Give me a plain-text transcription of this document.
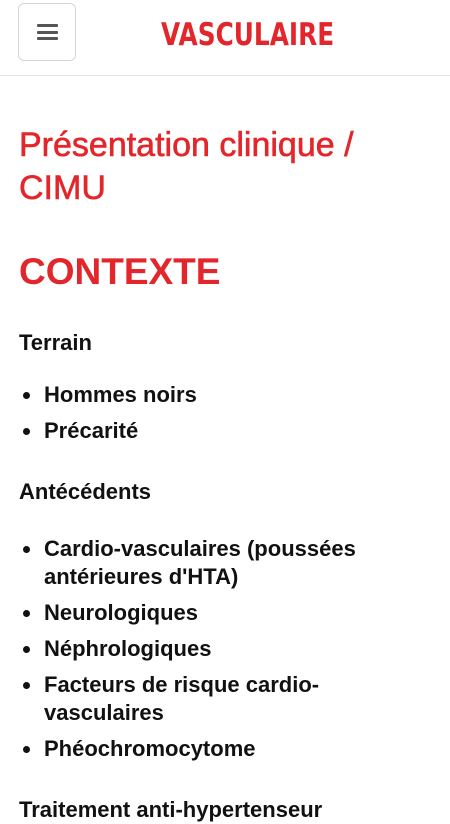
VASCULAIRE
Présentation clinique / CIMU
CONTEXTE
Terrain
Hommes noirs
Précarité
Antécédents
Cardio-vasculaires (poussées antérieures d'HTA)
Neurologiques
Néphrologiques
Facteurs de risque cardio-vasculaires
Phéochromocytome
Traitement anti-hypertenseur
